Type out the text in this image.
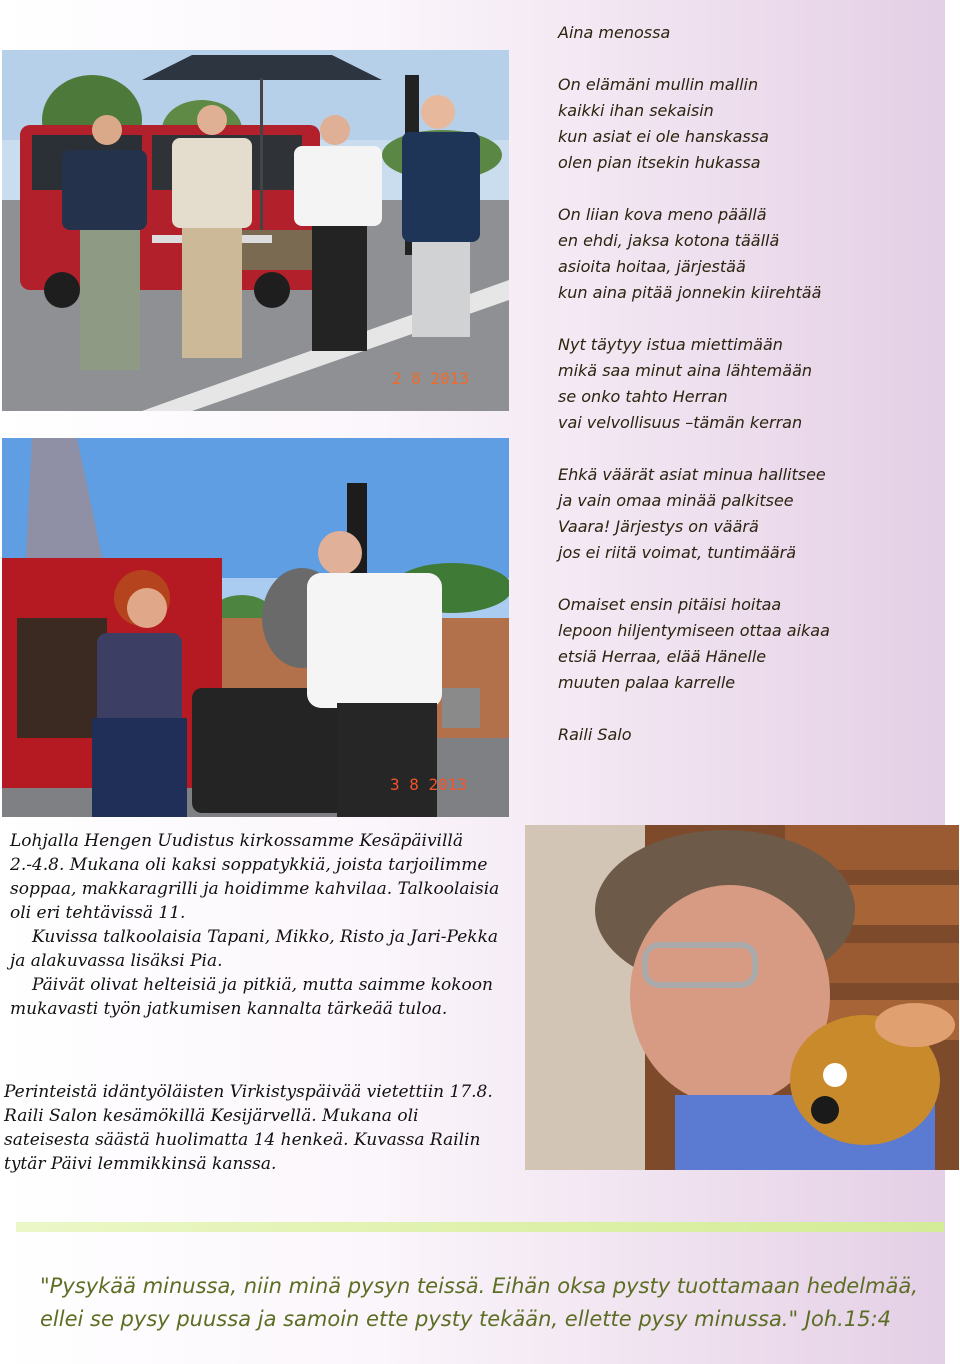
2 8 2013
3 8 2013
Aina menossa
On elämäni mullin mallin
kaikki ihan sekaisin
kun asiat ei ole hanskassa
olen pian itsekin hukassa
On liian kova meno päällä
en ehdi, jaksa kotona täällä
asioita hoitaa, järjestää
kun aina pitää jonnekin kiirehtää
Nyt täytyy istua miettimään
mikä saa minut aina lähtemään
se onko tahto Herran
vai velvollisuus –tämän kerran
Ehkä väärät asiat minua hallitsee
ja vain omaa minää palkitsee
Vaara! Järjestys on väärä
jos ei riitä voimat, tuntimäärä
Omaiset ensin pitäisi hoitaa
lepoon hiljentymiseen ottaa aikaa
etsiä Herraa, elää Hänelle
muuten palaa karrelle
Raili Salo

Lohjalla Hengen Uudistus kirkossamme Kesäpäivillä 2.-4.8. Mukana oli kaksi soppatykkiä, joista tarjoilimme soppaa, makkaragrilli ja hoidimme kahvilaa. Talkoolaisia oli eri tehtävissä 11.

Kuvissa talkoolaisia Tapani, Mikko, Risto ja Jari-Pekka ja alakuvassa lisäksi Pia.

Päivät olivat helteisiä ja pitkiä, mutta saimme kokoon mukavasti työn jatkumisen kannalta tärkeää tuloa.

Perinteistä idäntyöläisten Virkistyspäivää vietettiin 17.8. Raili Salon kesämökillä Kesijärvellä. Mukana oli sateisesta säästä huolimatta 14 henkeä. Kuvassa Railin tytär Päivi lemmikkinsä kanssa.

"Pysykää minussa, niin minä pysyn teissä. Eihän oksa pysty tuottamaan hedelmää, ellei se pysy puussa ja samoin ette pysty tekään, ellette pysy minussa." Joh.15:4
